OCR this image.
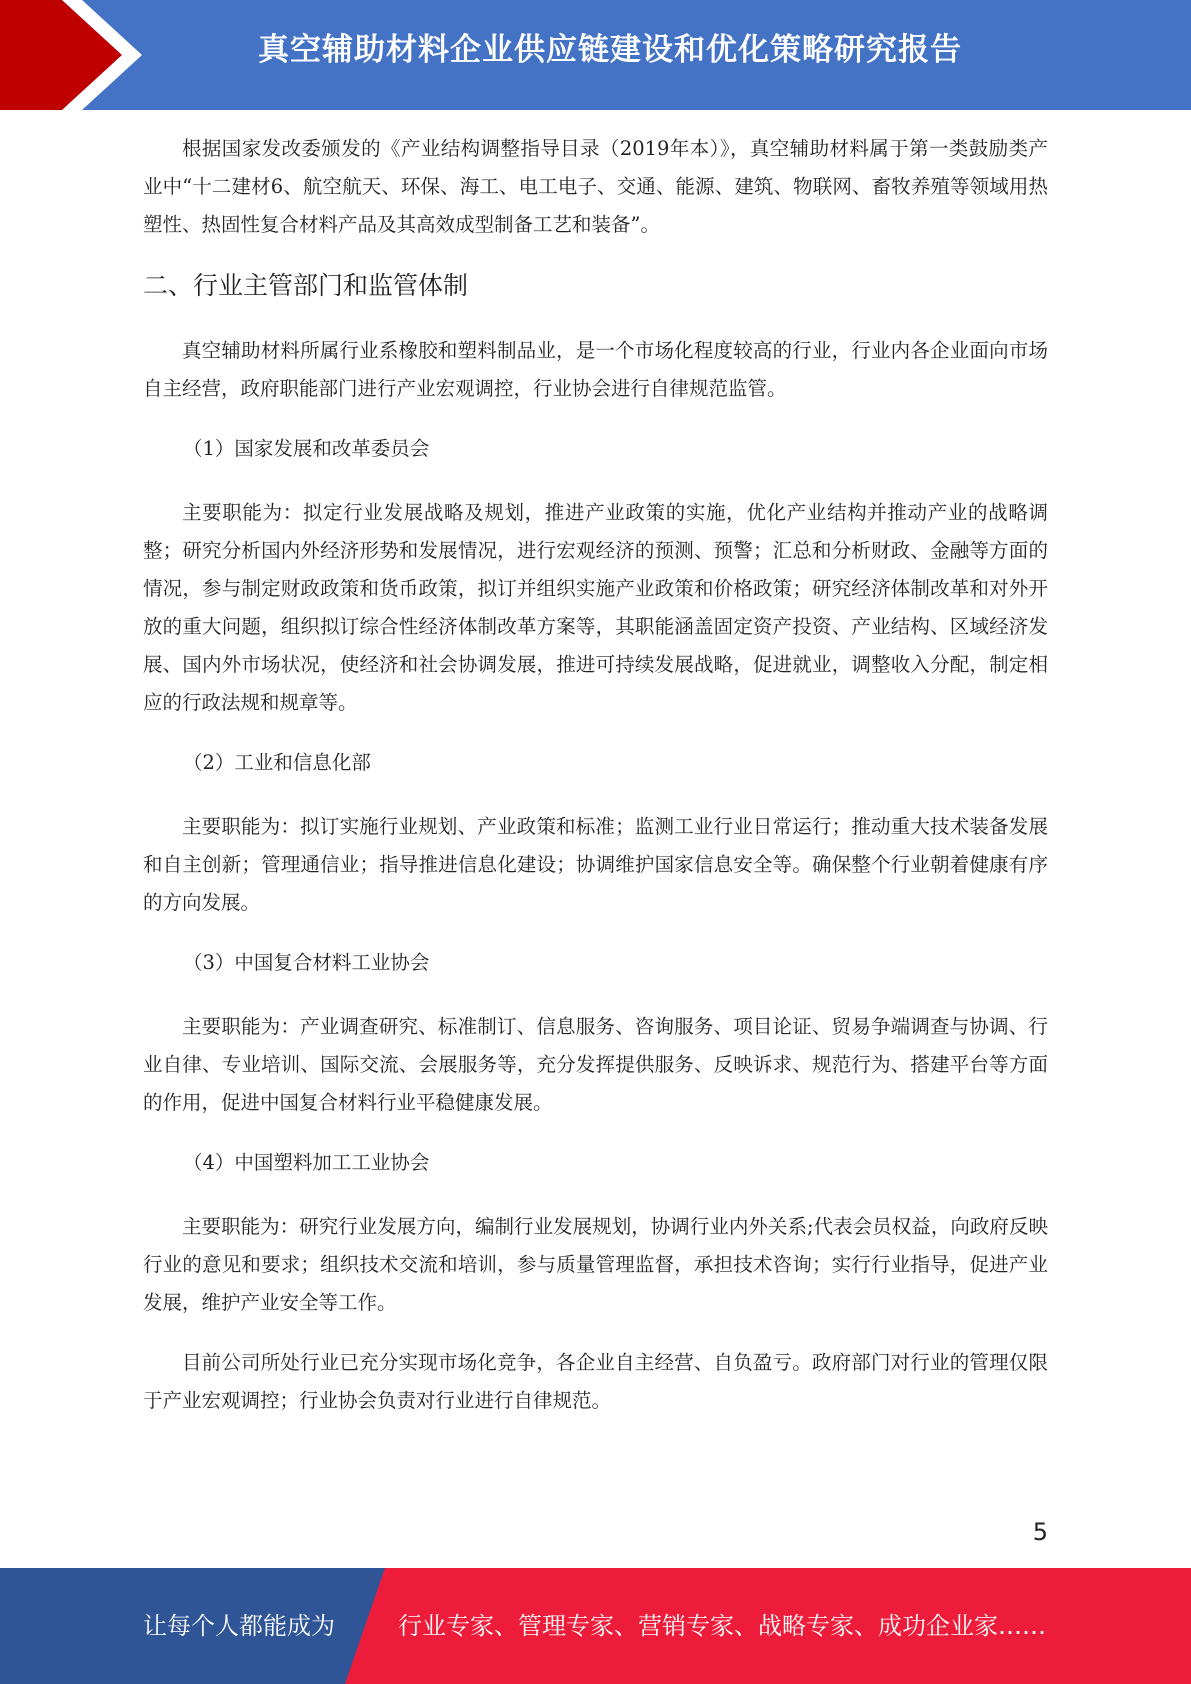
真空辅助材料企业供应链建设和优化策略研究报告

根据国家发改委颁发的《产业结构调整指导目录（2019年本）》，真空辅助材料属于第一类鼓励类产业中“十二建材6、航空航天、环保、海工、电工电子、交通、能源、建筑、物联网、畜牧养殖等领域用热塑性、热固性复合材料产品及其高效成型制备工艺和装备”。

二、行业主管部门和监管体制

真空辅助材料所属行业系橡胶和塑料制品业，是一个市场化程度较高的行业，行业内各企业面向市场自主经营，政府职能部门进行产业宏观调控，行业协会进行自律规范监管。

（1）国家发展和改革委员会

主要职能为：拟定行业发展战略及规划，推进产业政策的实施，优化产业结构并推动产业的战略调整；研究分析国内外经济形势和发展情况，进行宏观经济的预测、预警；汇总和分析财政、金融等方面的情况，参与制定财政政策和货币政策，拟订并组织实施产业政策和价格政策；研究经济体制改革和对外开放的重大问题，组织拟订综合性经济体制改革方案等，其职能涵盖固定资产投资、产业结构、区域经济发展、国内外市场状况，使经济和社会协调发展，推进可持续发展战略，促进就业，调整收入分配，制定相应的行政法规和规章等。

（2）工业和信息化部

主要职能为：拟订实施行业规划、产业政策和标准；监测工业行业日常运行；推动重大技术装备发展和自主创新；管理通信业；指导推进信息化建设；协调维护国家信息安全等。确保整个行业朝着健康有序的方向发展。

（3）中国复合材料工业协会

主要职能为：产业调查研究、标准制订、信息服务、咨询服务、项目论证、贸易争端调查与协调、行业自律、专业培训、国际交流、会展服务等，充分发挥提供服务、反映诉求、规范行为、搭建平台等方面的作用，促进中国复合材料行业平稳健康发展。

（4）中国塑料加工工业协会

主要职能为：研究行业发展方向，编制行业发展规划，协调行业内外关系;代表会员权益，向政府反映行业的意见和要求；组织技术交流和培训，参与质量管理监督，承担技术咨询；实行行业指导，促进产业发展，维护产业安全等工作。

目前公司所处行业已充分实现市场化竞争，各企业自主经营、自负盈亏。政府部门对行业的管理仅限于产业宏观调控；行业协会负责对行业进行自律规范。

5
让每个人都能成为	行业专家、管理专家、营销专家、战略专家、成功企业家……
